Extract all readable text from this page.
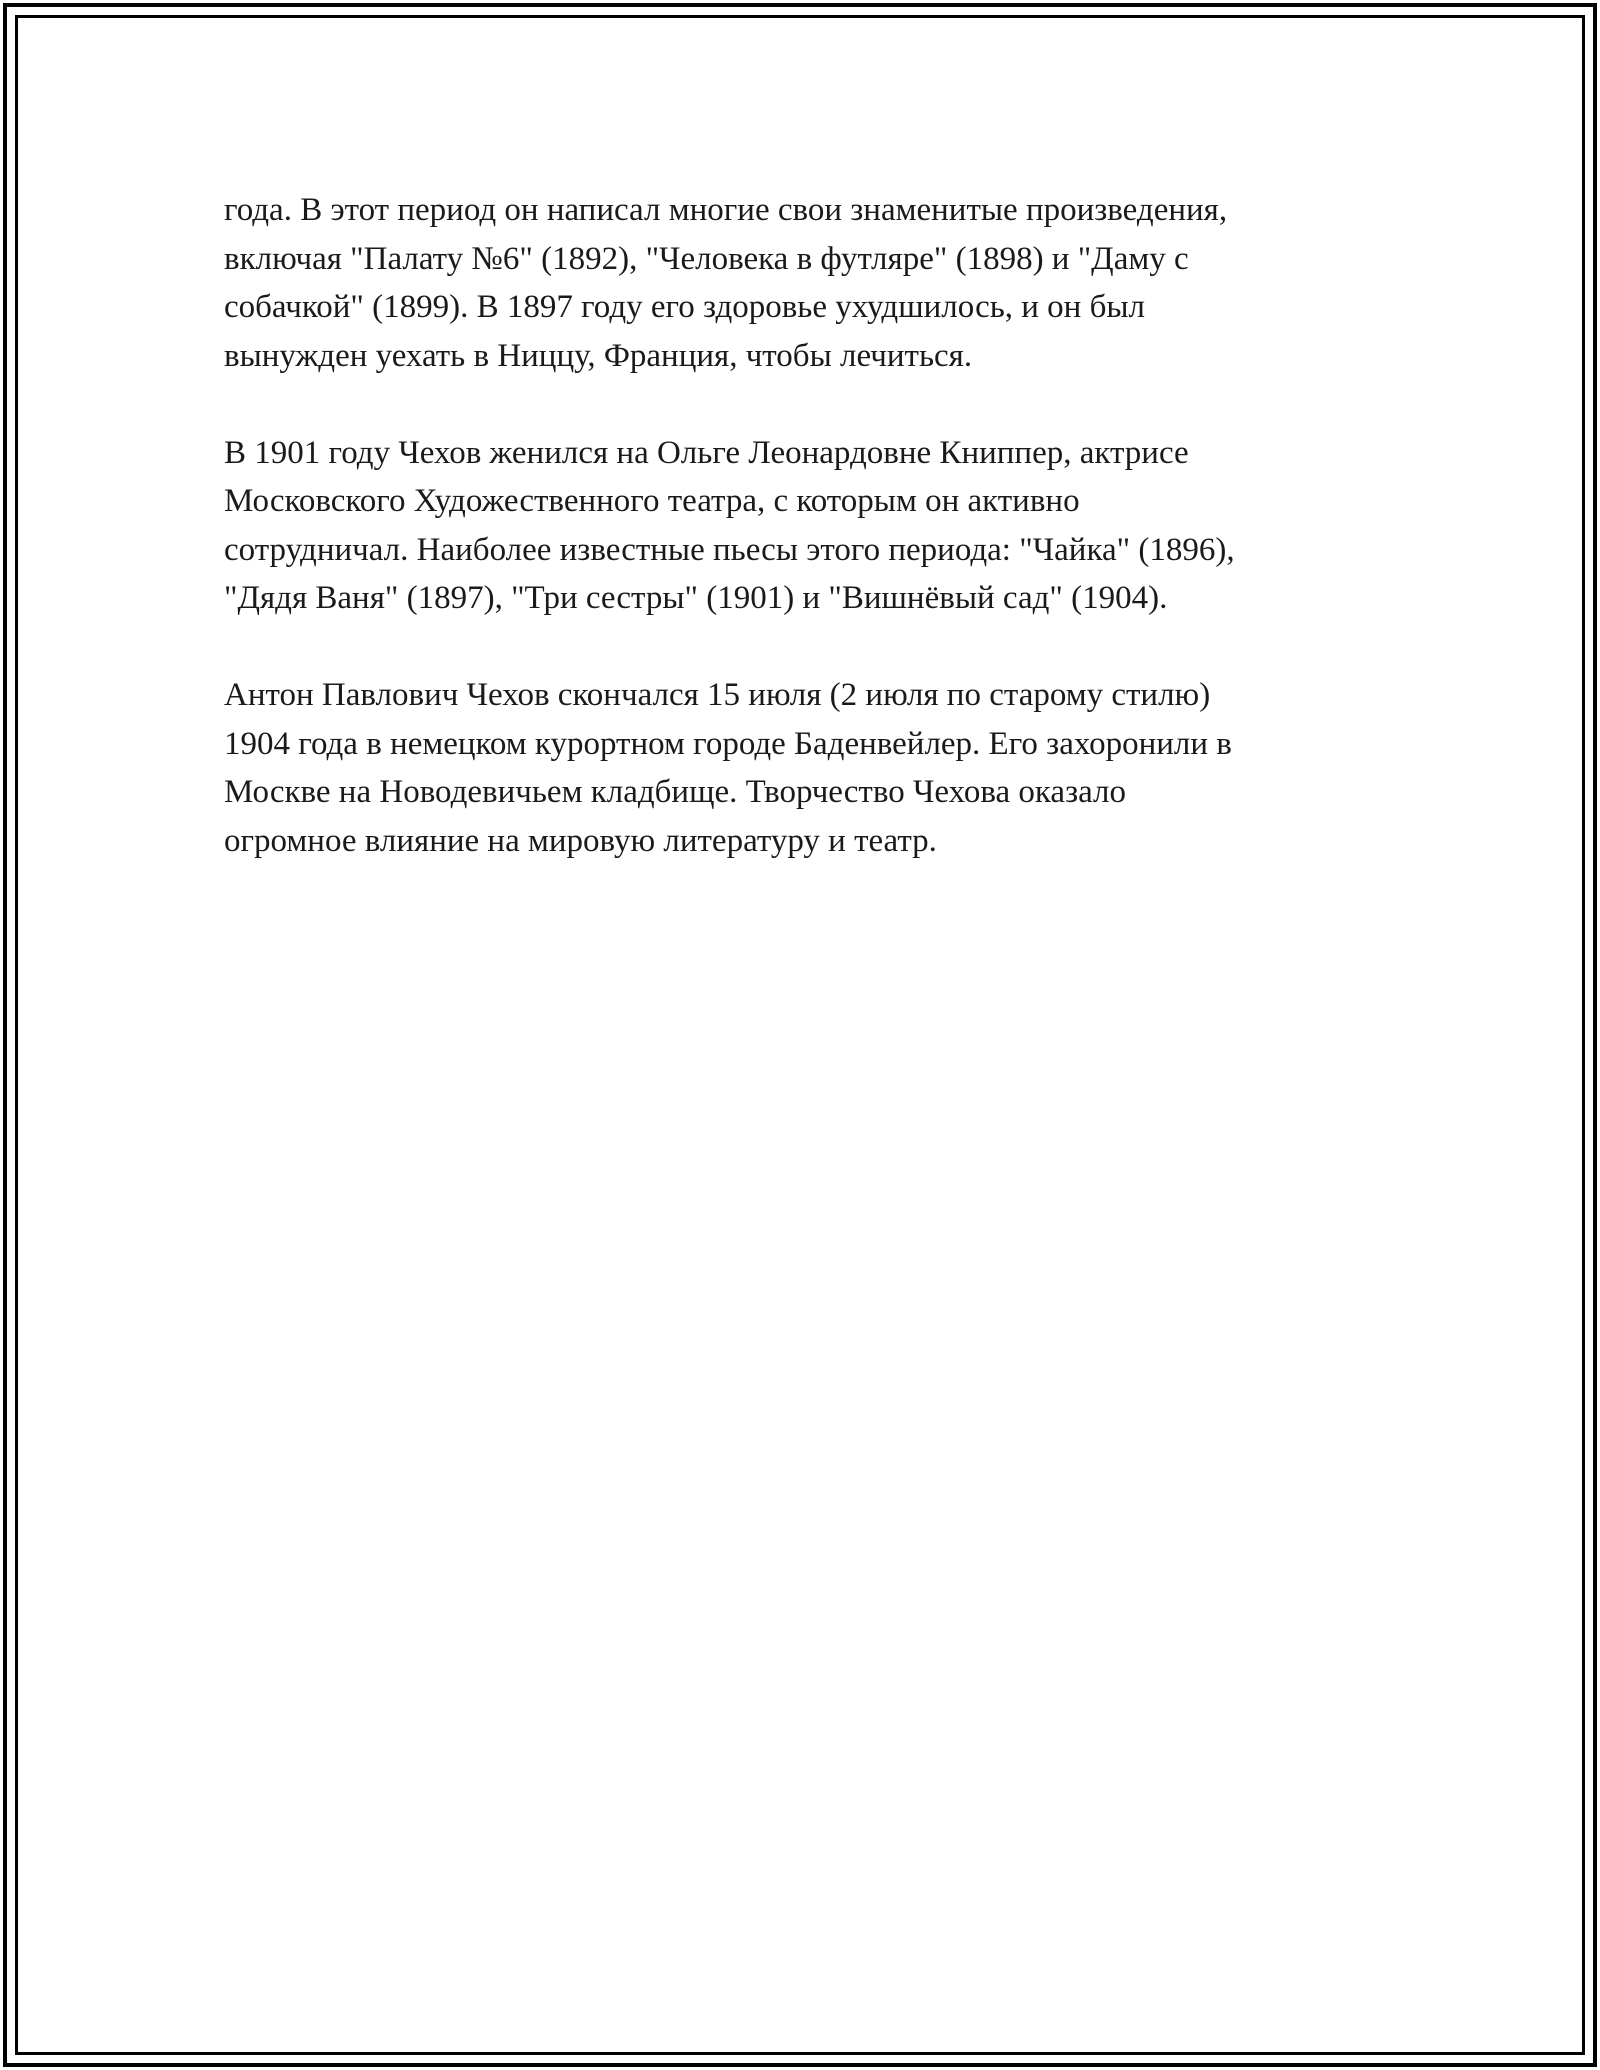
года. В этот период он написал многие свои знаменитые произведения,
включая "Палату №6" (1892), "Человека в футляре" (1898) и "Даму с
собачкой" (1899). В 1897 году его здоровье ухудшилось, и он был
вынужден уехать в Ниццу, Франция, чтобы лечиться.

В 1901 году Чехов женился на Ольге Леонардовне Книппер, актрисе
Московского Художественного театра, с которым он активно
сотрудничал. Наиболее известные пьесы этого периода: "Чайка" (1896),
"Дядя Ваня" (1897), "Три сестры" (1901) и "Вишнёвый сад" (1904).

Антон Павлович Чехов скончался 15 июля (2 июля по старому стилю)
1904 года в немецком курортном городе Баденвейлер. Его захоронили в
Москве на Новодевичьем кладбище. Творчество Чехова оказало
огромное влияние на мировую литературу и театр.
